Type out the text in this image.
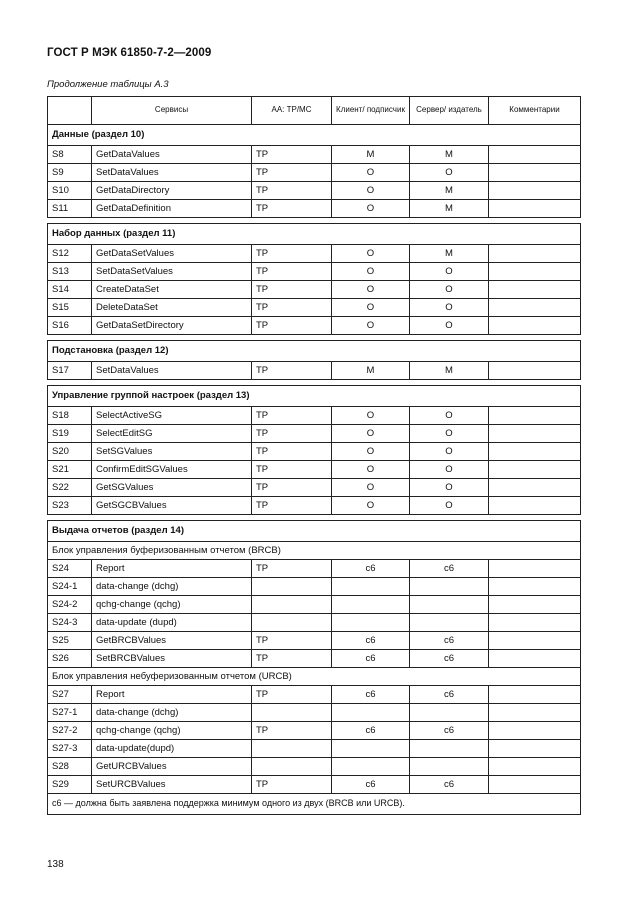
ГОСТ Р МЭК 61850-7-2—2009
Продолжение таблицы А.3
	Сервисы	АА: ТР/МС	Клиент/ подписчик	Сервер/ издатель	Комментарии
Данные (раздел 10)					
S8	GetDataValues	TP	M	M	
S9	SetDataValues	TP	O	O	
S10	GetDataDirectory	TP	O	M	
S11	GetDataDefinition	TP	O	M	

Набор данных (раздел 11)					
S12	GetDataSetValues	TP	O	M	
S13	SetDataSetValues	TP	O	O	
S14	CreateDataSet	TP	O	O	
S15	DeleteDataSet	TP	O	O	
S16	GetDataSetDirectory	TP	O	O	

Подстановка (раздел 12)					
S17	SetDataValues	TP	M	M	

Управление группой настроек (раздел 13)					
S18	SelectActiveSG	TP	O	O	
S19	SelectEditSG	TP	O	O	
S20	SetSGValues	TP	O	O	
S21	ConfirmEditSGValues	TP	O	O	
S22	GetSGValues	TP	O	O	
S23	GetSGCBValues	TP	O	O	

Выдача отчетов (раздел 14)					
Блок управления буферизованным отчетом (BRCB)					
S24	Report	TP	c6	c6	
S24-1	data-change (dchg)				
S24-2	qchg-change (qchg)				
S24-3	data-update (dupd)				
S25	GetBRCBValues	TP	c6	c6	
S26	SetBRCBValues	TP	c6	c6	
Блок управления небуферизованным отчетом (URCB)					
S27	Report	TP	c6	c6	
S27-1	data-change (dchg)				
S27-2	qchg-change (qchg)	TP	c6	c6	
S27-3	data-update(dupd)				
S28	GetURCBValues				
S29	SetURCBValues	TP	c6	c6	
c6 — должна быть заявлена поддержка минимум одного из двух (BRCB или URCB).					
138
